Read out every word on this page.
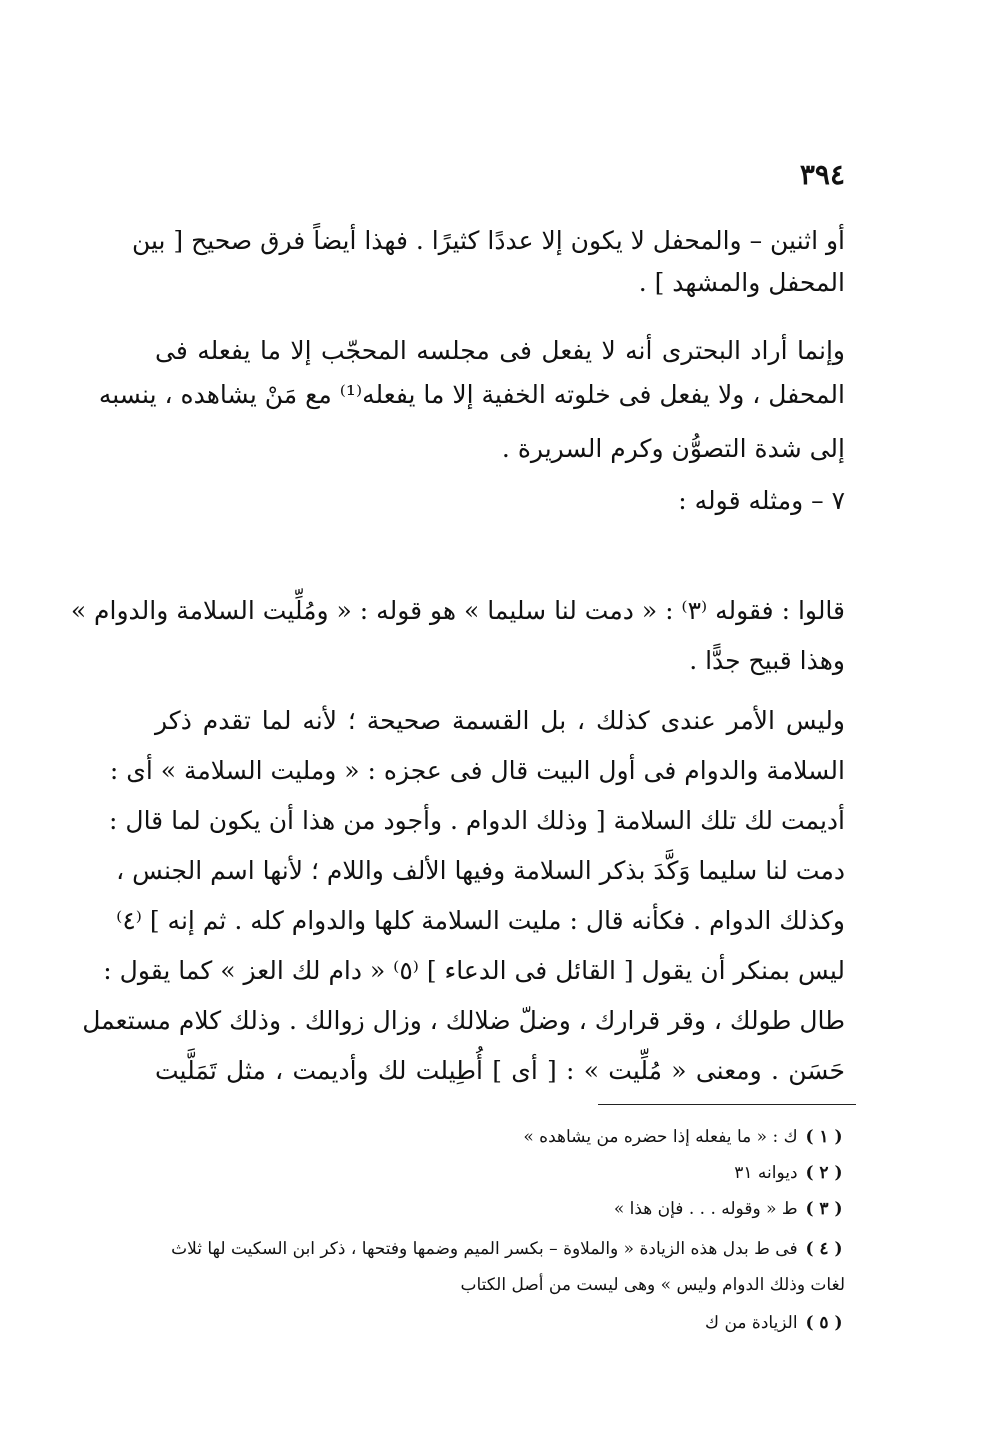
٣٩٤
أو اثنين – والمحفل لا يكون إلا عددًا كثيرًا . فهذا أيضاً فرق صحيح [ بين
المحفل والمشهد ] .
وإنما أراد البحترى أنه لا يفعل فى مجلسه المحجّب إلا ما يفعله فى
المحفل ، ولا يفعل فى خلوته الخفية إلا ما يفعله⁽¹⁾ مع مَنْ يشاهده ، ينسبه
إلى شدة التصوُّن وكرم السريرة .
٧ – ومثله قوله :
قالوا : فقوله ⁽٣⁾ : « دمت لنا سليما » هو قوله : « ومُلِّيت السلامة والدوام »
وهذا قبيح جدًّا .
وليس الأمر عندى كذلك ، بل القسمة صحيحة ؛ لأنه لما تقدم ذكر
السلامة والدوام فى أول البيت قال فى عجزه : « ومليت السلامة » أى :
أديمت لك تلك السلامة [ وذلك الدوام . وأجود من هذا أن يكون لما قال :
دمت لنا سليما وَكَّدَ بذكر السلامة وفيها الألف واللام ؛ لأنها اسم الجنس ،
وكذلك الدوام . فكأنه قال : مليت السلامة كلها والدوام كله . ثم إنه ] ⁽٤⁾
ليس بمنكر أن يقول [ القائل فى الدعاء ] ⁽٥⁾ « دام لك العز » كما يقول :
طال طولك ، وقر قرارك ، وضلّ ضلالك ، وزال زوالك . وذلك كلام مستعمل
حَسَن . ومعنى « مُلِّيت » : [ أى ] أُطِيلت لك وأديمت ، مثل تَمَلَّيت
( ١ ) ك : « ما يفعله إذا حضره من يشاهده »
( ٢ ) ديوانه ٣١
( ٣ ) ط « وقوله . . . فإن هذا »
( ٤ ) فى ط بدل هذه الزيادة « والملاوة – بكسر الميم وضمها وفتحها ، ذكر ابن السكيت لها ثلاث
لغات وذلك الدوام وليس » وهى ليست من أصل الكتاب
( ٥ ) الزيادة من ك
